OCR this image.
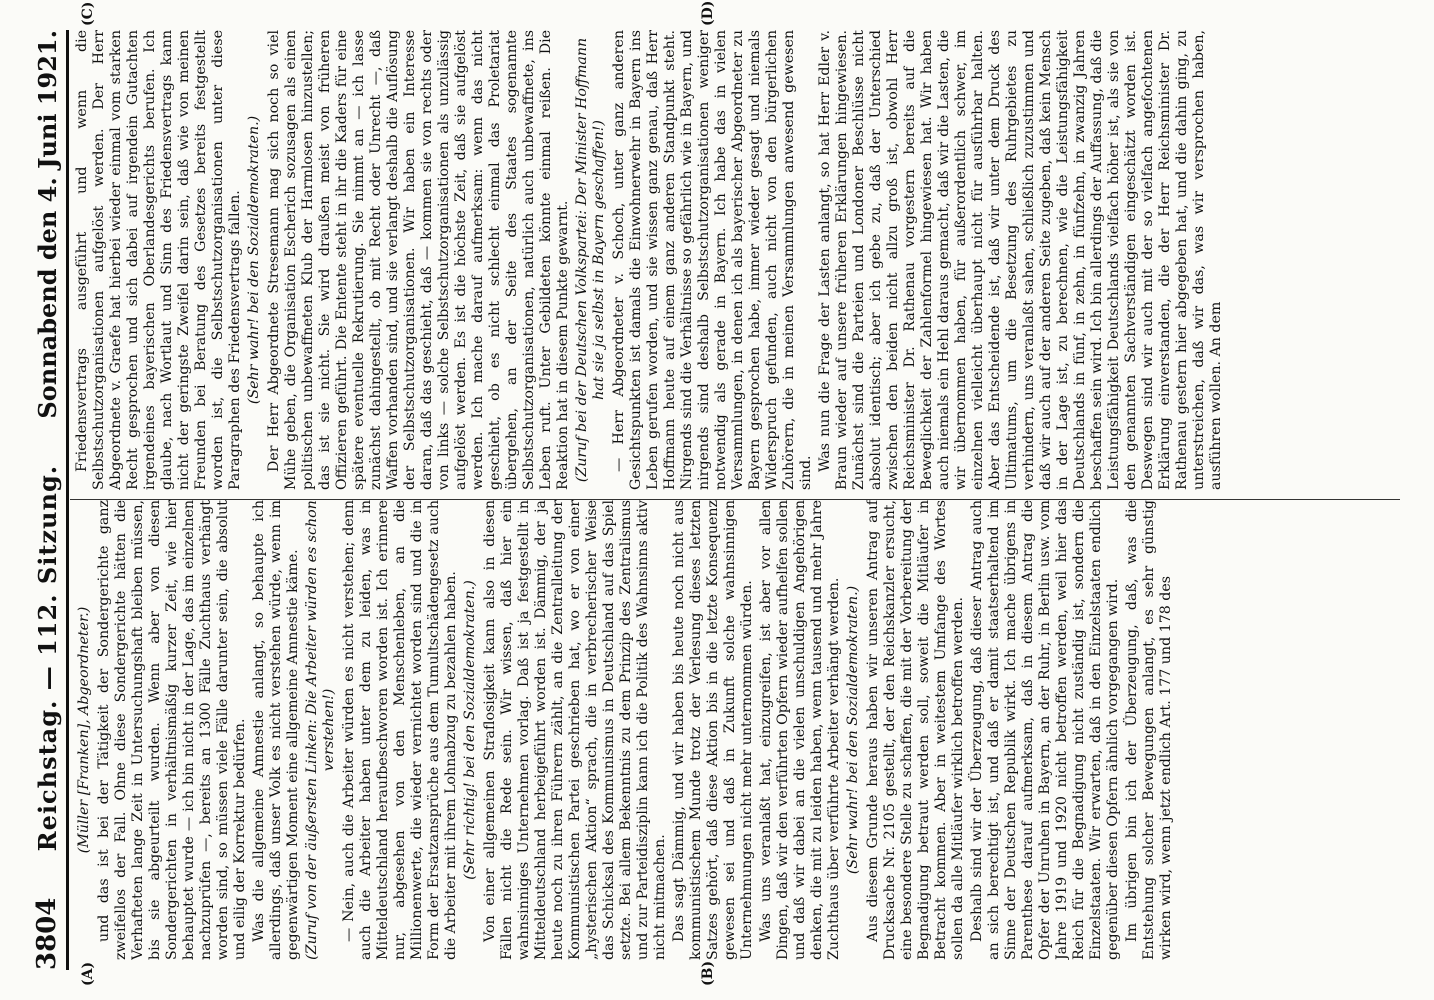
3804
Reichstag. — 112. Sitzung.
Sonnabend den 4. Juni 1921.
(A)	(B)
(C)	(D)

(Müller [Franken], Abgeordneter.) und das ist bei der Tätigkeit der Sondergerichte ganz zweifellos der Fall. Ohne diese Sondergerichte hätten die Verhafteten lange Zeit in Untersuchungshaft bleiben müssen, bis sie abgeurteilt wurden. Wenn aber von diesen Sondergerichten in verhältnismäßig kurzer Zeit, wie hier behauptet wurde — ich bin nicht in der Lage, das im einzelnen nachzuprüfen —, bereits an 1300 Fälle Zuchthaus verhängt worden sind, so müssen viele Fälle darunter sein, die absolut und eilig der Korrektur bedürfen. Was die allgemeine Amnestie anlangt, so behaupte ich allerdings, daß unser Volk es nicht verstehen würde, wenn im gegenwärtigen Moment eine allgemeine Amnestie käme. (Zuruf von der äußersten Linken: Die Arbeiter würden es schon verstehen!) — Nein, auch die Arbeiter würden es nicht verstehen; denn auch die Arbeiter haben unter dem zu leiden, was in Mitteldeutschland heraufbeschworen worden ist. Ich erinnere nur, abgesehen von den Menschenleben, an die Millionenwerte, die wieder vernichtet worden sind und die in Form der Ersatzansprüche aus dem Tumultschädengesetz auch die Arbeiter mit ihrem Lohnabzug zu bezahlen haben. (Sehr richtig! bei den Sozialdemokraten.) Von einer allgemeinen Straflosigkeit kann also in diesen Fällen nicht die Rede sein. Wir wissen, daß hier ein wahnsinniges Unternehmen vorlag. Daß ist ja festgestellt in Mitteldeutschland herbeigeführt worden ist. Dämmig, der ja heute noch zu ihren Führern zählt, an die Zentralleitung der Kommunistischen Partei geschrieben hat, wo er von einer „hysterischen Aktion“ sprach, die in verbrecherischer Weise das Schicksal des Kommunismus in Deutschland auf das Spiel setzte. Bei allem Bekenntnis zu dem Prinzip des Zentralismus und zur Parteidisziplin kann ich die Politik des Wahnsinns aktiv nicht mitmachen. Das sagt Dämmig, und wir haben bis heute noch nicht aus kommunistischem Munde trotz der Verlesung dieses letzten Satzes gehört, daß diese Aktion bis in die letzte Konsequenz gewesen sei und daß in Zukunft solche wahnsinnigen Unternehmungen nicht mehr unternommen würden. Was uns veranlaßt hat, einzugreifen, ist aber vor allen Dingen, daß wir den verführten Opfern wieder aufhelfen sollen und daß wir dabei an die vielen unschuldigen Angehörigen denken, die mit zu leiden haben, wenn tausend und mehr Jahre Zuchthaus über verführte Arbeiter verhängt werden. (Sehr wahr! bei den Sozialdemokraten.) Aus diesem Grunde heraus haben wir unseren Antrag auf Drucksache Nr. 2105 gestellt, der den Reichskanzler ersucht, eine besondere Stelle zu schaffen, die mit der Vorbereitung der Begnadigung betraut werden soll, soweit die Mitläufer in Betracht kommen. Aber in weitestem Umfange des Wortes sollen da alle Mitläufer wirklich betroffen werden. Deshalb sind wir der Überzeugung, daß dieser Antrag auch an sich berechtigt ist, und daß er damit staatserhaltend im Sinne der Deutschen Republik wirkt. Ich mache übrigens in Parenthese darauf aufmerksam, daß in diesem Antrag die Opfer der Unruhen in Bayern, an der Ruhr, in Berlin usw. vom Jahre 1919 und 1920 nicht betroffen werden, weil hier das Reich für die Begnadigung nicht zuständig ist, sondern die Einzelstaaten. Wir erwarten, daß in den Einzelstaaten endlich gegenüber diesen Opfern ähnlich vorgegangen wird. Im übrigen bin ich der Überzeugung, daß, was die Entstehung solcher Bewegungen anlangt, es sehr günstig wirken wird, wenn jetzt endlich Art. 177 und 178 des

Friedensvertrags ausgeführt und wenn die Selbstschutzorganisationen aufgelöst werden. Der Herr Abgeordnete v. Graefe hat hierbei wieder einmal vom starken Recht gesprochen und sich dabei auf irgendein Gutachten irgendeines bayerischen Oberlandesgerichts berufen. Ich glaube, nach Wortlaut und Sinn des Friedensvertrags kann nicht der geringste Zweifel darin sein, daß wie von meinen Freunden bei Beratung des Gesetzes bereits festgestellt worden ist, die Selbstschutzorganisationen unter diese Paragraphen des Friedensvertrags fallen. (Sehr wahr! bei den Sozialdemokraten.) Der Herr Abgeordnete Stresemann mag sich noch so viel Mühe geben, die Organisation Escherich sozusagen als einen politischen unbewaffneten Klub der Harmlosen hinzustellen; das ist sie nicht. Sie wird draußen meist von früheren Offizieren geführt. Die Entente steht in ihr die Kaders für eine spätere eventuelle Rekrutierung. Sie nimmt an — ich lasse zunächst dahingestellt, ob mit Recht oder Unrecht —, daß Waffen vorhanden sind, und sie verlangt deshalb die Auflösung der Selbstschutzorganisationen. Wir haben ein Interesse daran, daß das geschieht, daß — kommen sie von rechts oder von links — solche Selbstschutzorganisationen als unzulässig aufgelöst werden. Es ist die höchste Zeit, daß sie aufgelöst werden. Ich mache darauf aufmerksam: wenn das nicht geschieht, ob es nicht schlecht einmal das Proletariat übergehen, an der Seite des Staates sogenannte Selbstschutzorganisationen, natürlich auch unbewaffnete, ins Leben ruft. Unter Gebildeten könnte einmal reißen. Die Reaktion hat in diesem Punkte gewarnt. (Zuruf bei der Deutschen Volkspartei: Der Minister Hoffmann hat sie ja selbst in Bayern geschaffen!) — Herr Abgeordneter v. Schoch, unter ganz anderen Gesichtspunkten ist damals die Einwohnerwehr in Bayern ins Leben gerufen worden, und sie wissen ganz genau, daß Herr Hoffmann heute auf einem ganz anderen Standpunkt steht. Nirgends sind die Verhältnisse so gefährlich wie in Bayern, und nirgends sind deshalb Selbstschutzorganisationen weniger notwendig als gerade in Bayern. Ich habe das in vielen Versammlungen, in denen ich als bayerischer Abgeordneter zu Bayern gesprochen habe, immer wieder gesagt und niemals Widerspruch gefunden, auch nicht von den bürgerlichen Zuhörern, die in meinen Versammlungen anwesend gewesen sind.

Was nun die Frage der Lasten anlangt, so hat Herr Edler v. Braun wieder auf unsere früheren Erklärungen hingewiesen. Zunächst sind die Parteien und Londoner Beschlüsse nicht absolut identisch; aber ich gebe zu, daß der Unterschied zwischen den beiden nicht allzu groß ist, obwohl Herr Reichsminister Dr. Rathenau vorgestern bereits auf die Beweglichkeit der Zahlenformel hingewiesen hat. Wir haben auch niemals ein Hehl daraus gemacht, daß wir die Lasten, die wir übernommen haben, für außerordentlich schwer, im einzelnen vielleicht überhaupt nicht für ausführbar halten. Aber das Entscheidende ist, daß wir unter dem Druck des Ultimatums, um die Besetzung des Ruhrgebietes zu verhindern, uns veranlaßt sahen, schließlich zuzustimmen und daß wir auch auf der anderen Seite zugeben, daß kein Mensch in der Lage ist, zu berechnen, wie die Leistungsfähigkeit Deutschlands in fünf, in zehn, in fünfzehn, in zwanzig Jahren beschaffen sein wird. Ich bin allerdings der Auffassung, daß die Leistungsfähigkeit Deutschlands vielfach höher ist, als sie von den genannten Sachverständigen eingeschätzt worden ist. Deswegen sind wir auch mit der so vielfach angefochtenen Erklärung einverstanden, die der Herr Reichsminister Dr. Rathenau gestern hier abgegeben hat, und die dahin ging, zu unterstreichen, daß wir das, was wir versprochen haben, ausführen wollen. An dem
